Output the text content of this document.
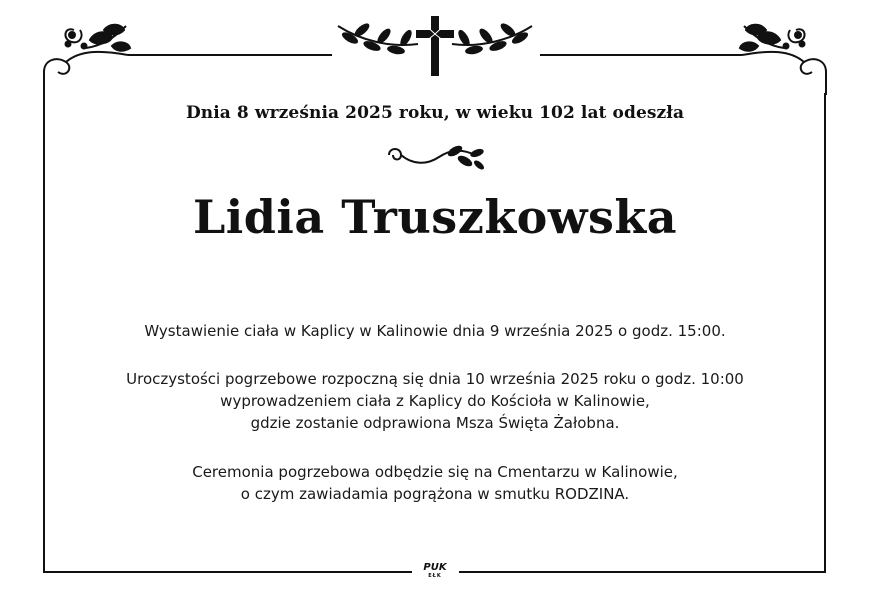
Dnia 8 września 2025 roku, w wieku 102 lat odeszła
Lidia Truszkowska
Wystawienie ciała w Kaplicy w Kalinowie dnia 9 września 2025 o godz. 15:00.
Uroczystości pogrzebowe rozpoczną się dnia 10 września 2025 roku o godz. 10:00
wyprowadzeniem ciała z Kaplicy do Kościoła w Kalinowie,
gdzie zostanie odprawiona Msza Święta Żałobna.
Ceremonia pogrzebowa odbędzie się na Cmentarzu w Kalinowie,
o czym zawiadamia pogrążona w smutku RODZINA.
PUK
EŁK
